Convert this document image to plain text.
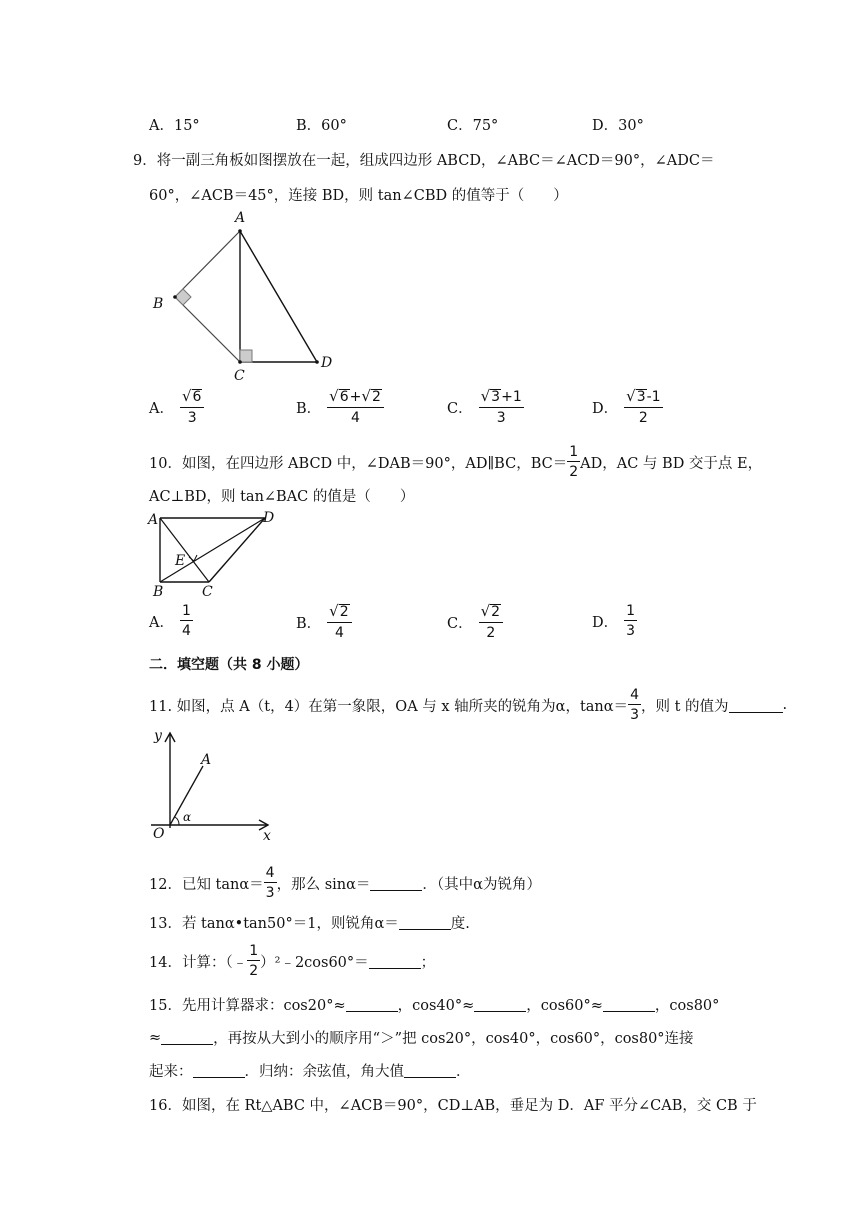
A．15°	B．60°	C．75°	D．30°
9．将一副三角板如图摆放在一起，组成四边形 ABCD，∠ABC＝∠ACD＝90°，∠ADC＝
60°，∠ACB＝45°，连接 BD，则 tan∠CBD 的值等于（　　）
A
B
C
D
A． $\frac{√ 6}{3}$	B． $\frac{√ 6 + √ 2}{4}$	C． $\frac{√ 3 +1}{3}$	D． $\frac{√ 3 -1}{2}$
10．如图，在四边形 ABCD 中，∠DAB＝90°，AD∥BC，$BC= \frac{1}{2}$ AD，AC 与 BD 交于点 E，
AC⊥BD，则 tan∠BAC 的值是（　　）
A	D
B	C
E
A． $\frac{1}{4}$	B． $\frac{√ 2}{4}$	C． $\frac{√ 2}{2}$	D． $\frac{1}{3}$
二．填空题（共 8 小题）
11. 如图，点 A（t，4）在第一象限，OA 与 x 轴所夹的锐角为α，$\tan\alpha= \frac{4}{3}$ ，则 t 的值为	.
y
x
O
A
α
12．已知 $\tan\alpha= \frac{4}{3}$ ，那么 sinα＝	．（其中α为锐角）
13．若 tanα•tan50°＝1，则锐角α＝	度.
14．计算：（﹣ $\frac{1}{2}$ ）²﹣2cos60°＝	；
15．先用计算器求：cos20°≈	，cos40°≈	，cos60°≈	，cos80°
≈	，再按从大到小的顺序用“＞”把 cos20°，cos40°，cos60°，cos80°连接
起来：	．归纳：余弦值，角大值	．
16．如图，在 Rt△ABC 中，∠ACB＝90°，CD⊥AB，垂足为 D．AF 平分∠CAB，交 CB 于
